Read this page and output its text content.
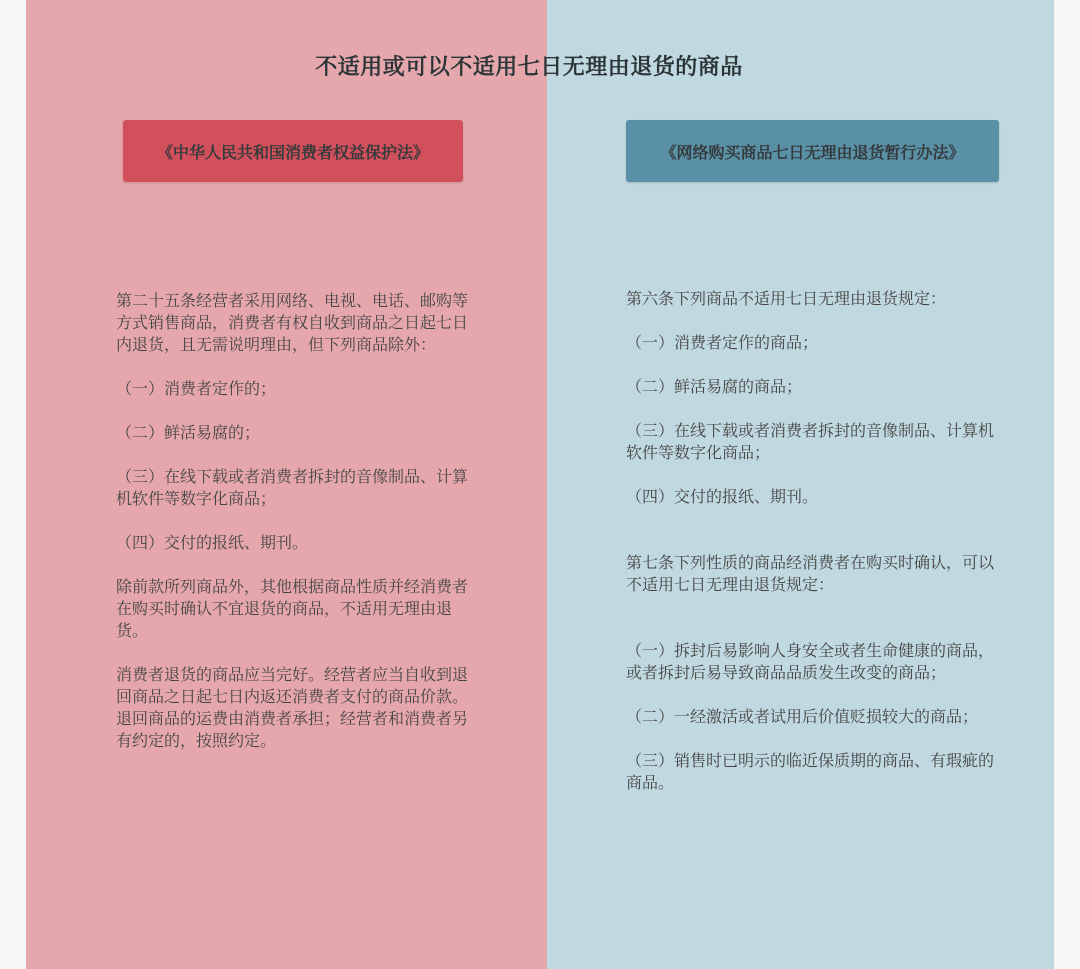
《中华人民共和国消费者权益保护法》	《网络购买商品七日无理由退货暂行办法》

第二十五条经营者采用网络、电视、电话、邮购等方式销售商品，消费者有权自收到商品之日起七日内退货，且无需说明理由，但下列商品除外：

（一）消费者定作的；

（二）鲜活易腐的；

（三）在线下载或者消费者拆封的音像制品、计算机软件等数字化商品；

（四）交付的报纸、期刊。

除前款所列商品外，其他根据商品性质并经消费者在购买时确认不宜退货的商品，不适用无理由退货。

消费者退货的商品应当完好。经营者应当自收到退回商品之日起七日内返还消费者支付的商品价款。退回商品的运费由消费者承担；经营者和消费者另有约定的，按照约定。

第六条下列商品不适用七日无理由退货规定：

（一）消费者定作的商品；

（二）鲜活易腐的商品；

（三）在线下载或者消费者拆封的音像制品、计算机软件等数字化商品；

（四）交付的报纸、期刊。

第七条下列性质的商品经消费者在购买时确认，可以不适用七日无理由退货规定：

（一）拆封后易影响人身安全或者生命健康的商品，或者拆封后易导致商品品质发生改变的商品；

（二）一经激活或者试用后价值贬损较大的商品；

（三）销售时已明示的临近保质期的商品、有瑕疵的商品。

不适用或可以不适用七日无理由退货的商品
